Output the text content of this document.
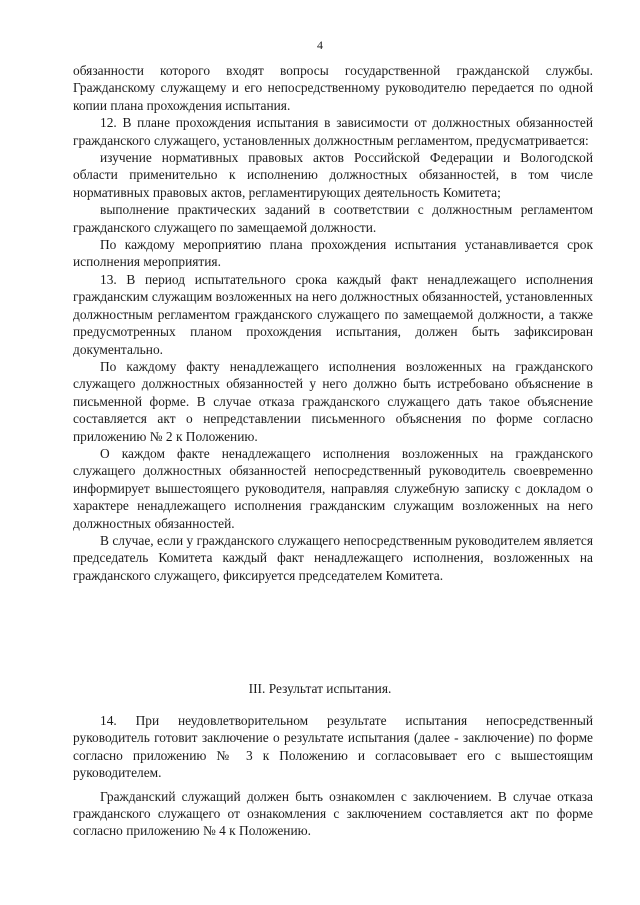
4

обязанности которого входят вопросы государственной гражданской службы. Гражданскому служащему и его непосредственному руководителю передается по одной копии плана прохождения испытания.

12. В плане прохождения испытания в зависимости от должностных обязанностей гражданского служащего, установленных должностным регламентом, предусматривается:

изучение нормативных правовых актов Российской Федерации и Вологодской области применительно к исполнению должностных обязанностей, в том числе нормативных правовых актов, регламентирующих деятельность Комитета;

выполнение практических заданий в соответствии с должностным регламентом гражданского служащего по замещаемой должности.

По каждому мероприятию плана прохождения испытания устанавливается срок исполнения мероприятия.

13. В период испытательного срока каждый факт ненадлежащего исполнения гражданским служащим возложенных на него должностных обязанностей, установленных должностным регламентом гражданского служащего по замещаемой должности, а также предусмотренных планом прохождения испытания, должен быть зафиксирован документально.

По каждому факту ненадлежащего исполнения возложенных на гражданского служащего должностных обязанностей у него должно быть истребовано объяснение в письменной форме. В случае отказа гражданского служащего дать такое объяснение составляется акт о непредставлении письменного объяснения по форме согласно приложению № 2 к Положению.

О каждом факте ненадлежащего исполнения возложенных на гражданского служащего должностных обязанностей непосредственный руководитель своевременно информирует вышестоящего руководителя, направляя служебную записку с докладом о характере ненадлежащего исполнения гражданским служащим возложенных на него должностных обязанностей.

В случае, если у гражданского служащего непосредственным руководителем является председатель Комитета каждый факт ненадлежащего исполнения, возложенных на гражданского служащего, фиксируется председателем Комитета.

III. Результат испытания.

14. При неудовлетворительном результате испытания непосредственный руководитель готовит заключение о результате испытания (далее - заключение) по форме согласно приложению № 3 к Положению и согласовывает его с вышестоящим руководителем.

Гражданский служащий должен быть ознакомлен с заключением. В случае отказа гражданского служащего от ознакомления с заключением составляется акт по форме согласно приложению № 4 к Положению.
